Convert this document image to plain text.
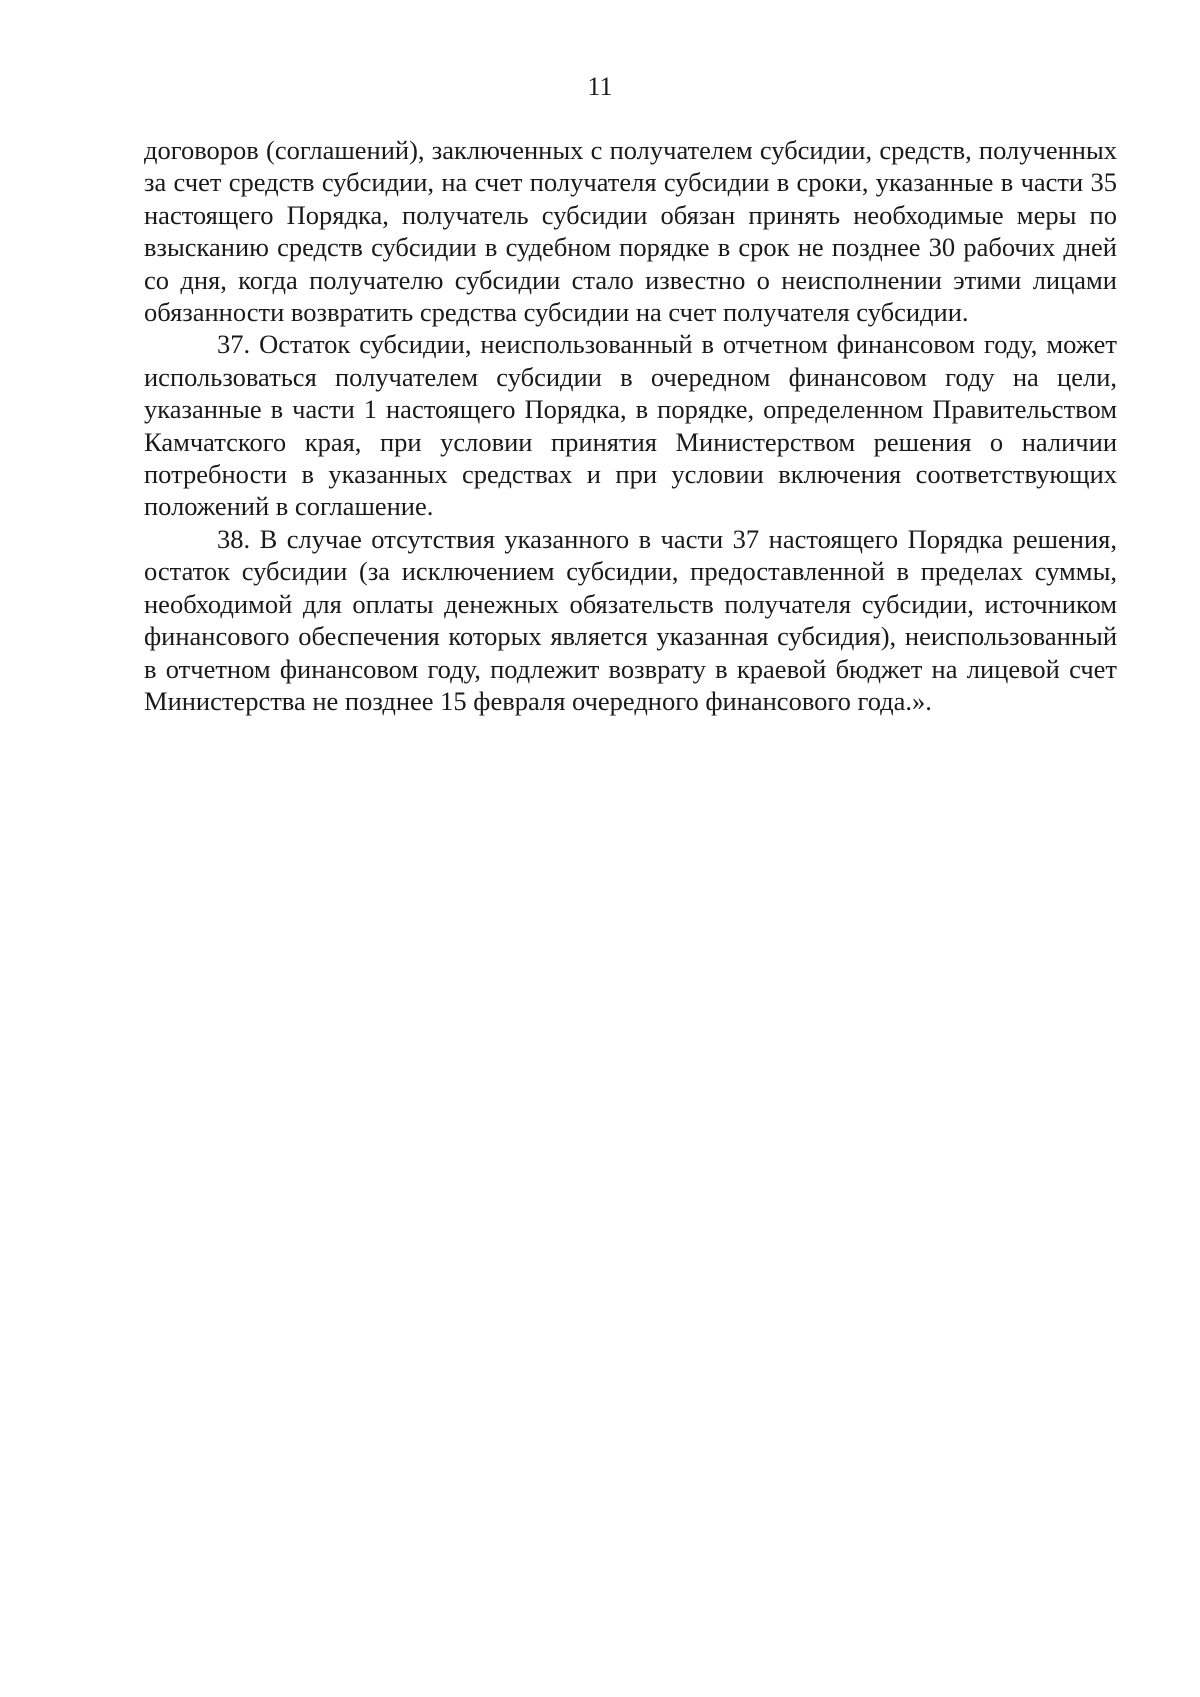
11

договоров (соглашений), заключенных с получателем субсидии, средств, полученных за счет средств субсидии, на счет получателя субсидии в сроки, указанные в части 35 настоящего Порядка, получатель субсидии обязан принять необходимые меры по взысканию средств субсидии в судебном порядке в срок не позднее 30 рабочих дней со дня, когда получателю субсидии стало известно о неисполнении этими лицами обязанности возвратить средства субсидии на счет получателя субсидии.

37. Остаток субсидии, неиспользованный в отчетном финансовом году, может использоваться получателем субсидии в очередном финансовом году на цели, указанные в части 1 настоящего Порядка, в порядке, определенном Правительством Камчатского края, при условии принятия Министерством решения о наличии потребности в указанных средствах и при условии включения соответствующих положений в соглашение.

38. В случае отсутствия указанного в части 37 настоящего Порядка решения, остаток субсидии (за исключением субсидии, предоставленной в пределах суммы, необходимой для оплаты денежных обязательств получателя субсидии, источником финансового обеспечения которых является указанная субсидия), неиспользованный в отчетном финансовом году, подлежит возврату в краевой бюджет на лицевой счет Министерства не позднее 15 февраля очередного финансового года.».
